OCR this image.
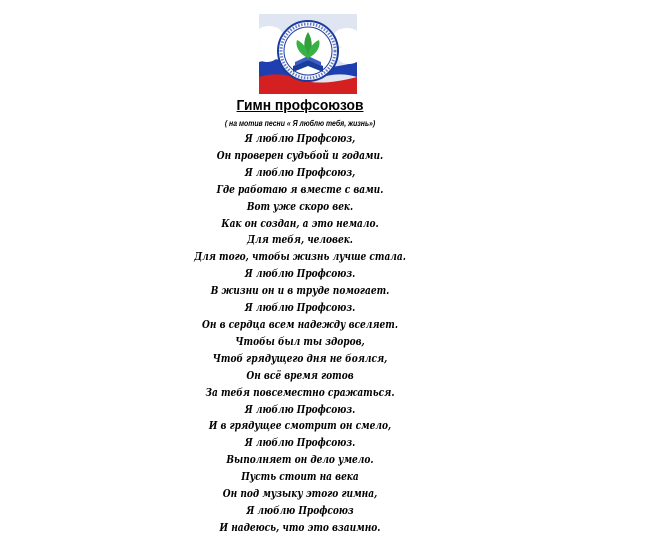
Гимн профсоюзов

( на мотив песни « Я люблю тебя, жизнь»)

Я люблю Профсоюз,
Он проверен судьбой и годами.
Я люблю Профсоюз,
Где работаю я вместе с вами.
Вот уже скоро век.
Как он создан, а это немало.
Для тебя, человек.
Для того, чтобы жизнь лучше стала.
Я люблю Профсоюз.
В жизни он и в труде помогает.
Я люблю Профсоюз.
Он в сердца всем надежду вселяет.
Чтобы был ты здоров,
Чтоб грядущего дня не боялся,
Он всё время готов
За тебя повсеместно сражаться.
Я люблю Профсоюз.
И в грядущее смотрит он смело,
Я люблю Профсоюз.
Выполняет он дело умело.
Пусть стоит на века
Он под музыку этого гимна,
Я люблю Профсоюз
И надеюсь, что это взаимно.
